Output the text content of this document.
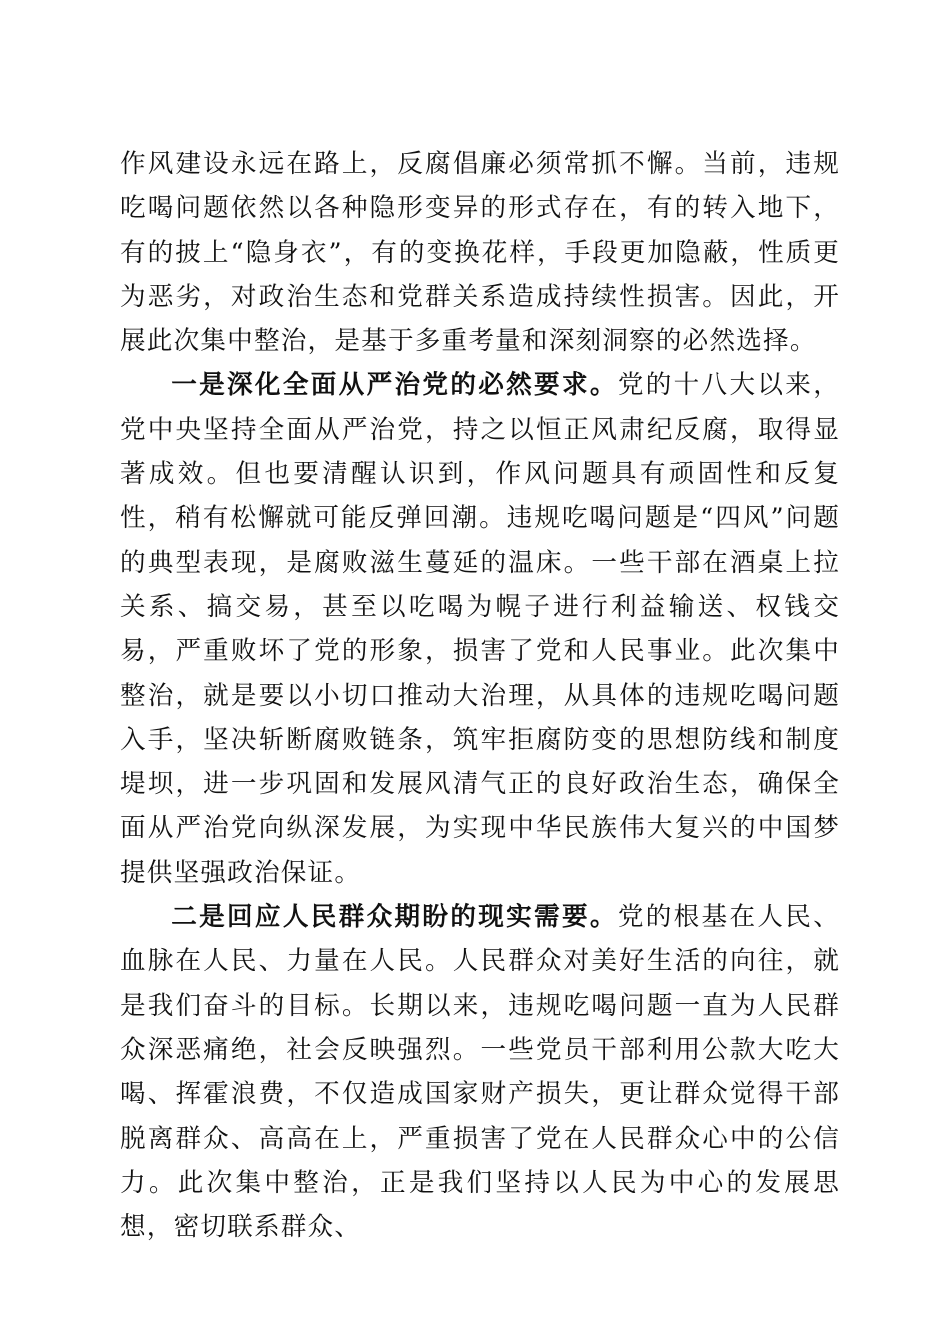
作风建设永远在路上，反腐倡廉必须常抓不懈。当前，违规吃喝问题依然以各种隐形变异的形式存在，有的转入地下，有的披上“隐身衣”，有的变换花样，手段更加隐蔽，性质更为恶劣，对政治生态和党群关系造成持续性损害。因此，开展此次集中整治，是基于多重考量和深刻洞察的必然选择。

一是深化全面从严治党的必然要求。党的十八大以来，党中央坚持全面从严治党，持之以恒正风肃纪反腐，取得显著成效。但也要清醒认识到，作风问题具有顽固性和反复性，稍有松懈就可能反弹回潮。违规吃喝问题是“四风”问题的典型表现，是腐败滋生蔓延的温床。一些干部在酒桌上拉关系、搞交易，甚至以吃喝为幌子进行利益输送、权钱交易，严重败坏了党的形象，损害了党和人民事业。此次集中整治，就是要以小切口推动大治理，从具体的违规吃喝问题入手，坚决斩断腐败链条，筑牢拒腐防变的思想防线和制度堤坝，进一步巩固和发展风清气正的良好政治生态，确保全面从严治党向纵深发展，为实现中华民族伟大复兴的中国梦提供坚强政治保证。

二是回应人民群众期盼的现实需要。党的根基在人民、血脉在人民、力量在人民。人民群众对美好生活的向往，就是我们奋斗的目标。长期以来，违规吃喝问题一直为人民群众深恶痛绝，社会反映强烈。一些党员干部利用公款大吃大喝、挥霍浪费，不仅造成国家财产损失，更让群众觉得干部脱离群众、高高在上，严重损害了党在人民群众心中的公信力。此次集中整治，正是我们坚持以人民为中心的发展思想，密切联系群众、
